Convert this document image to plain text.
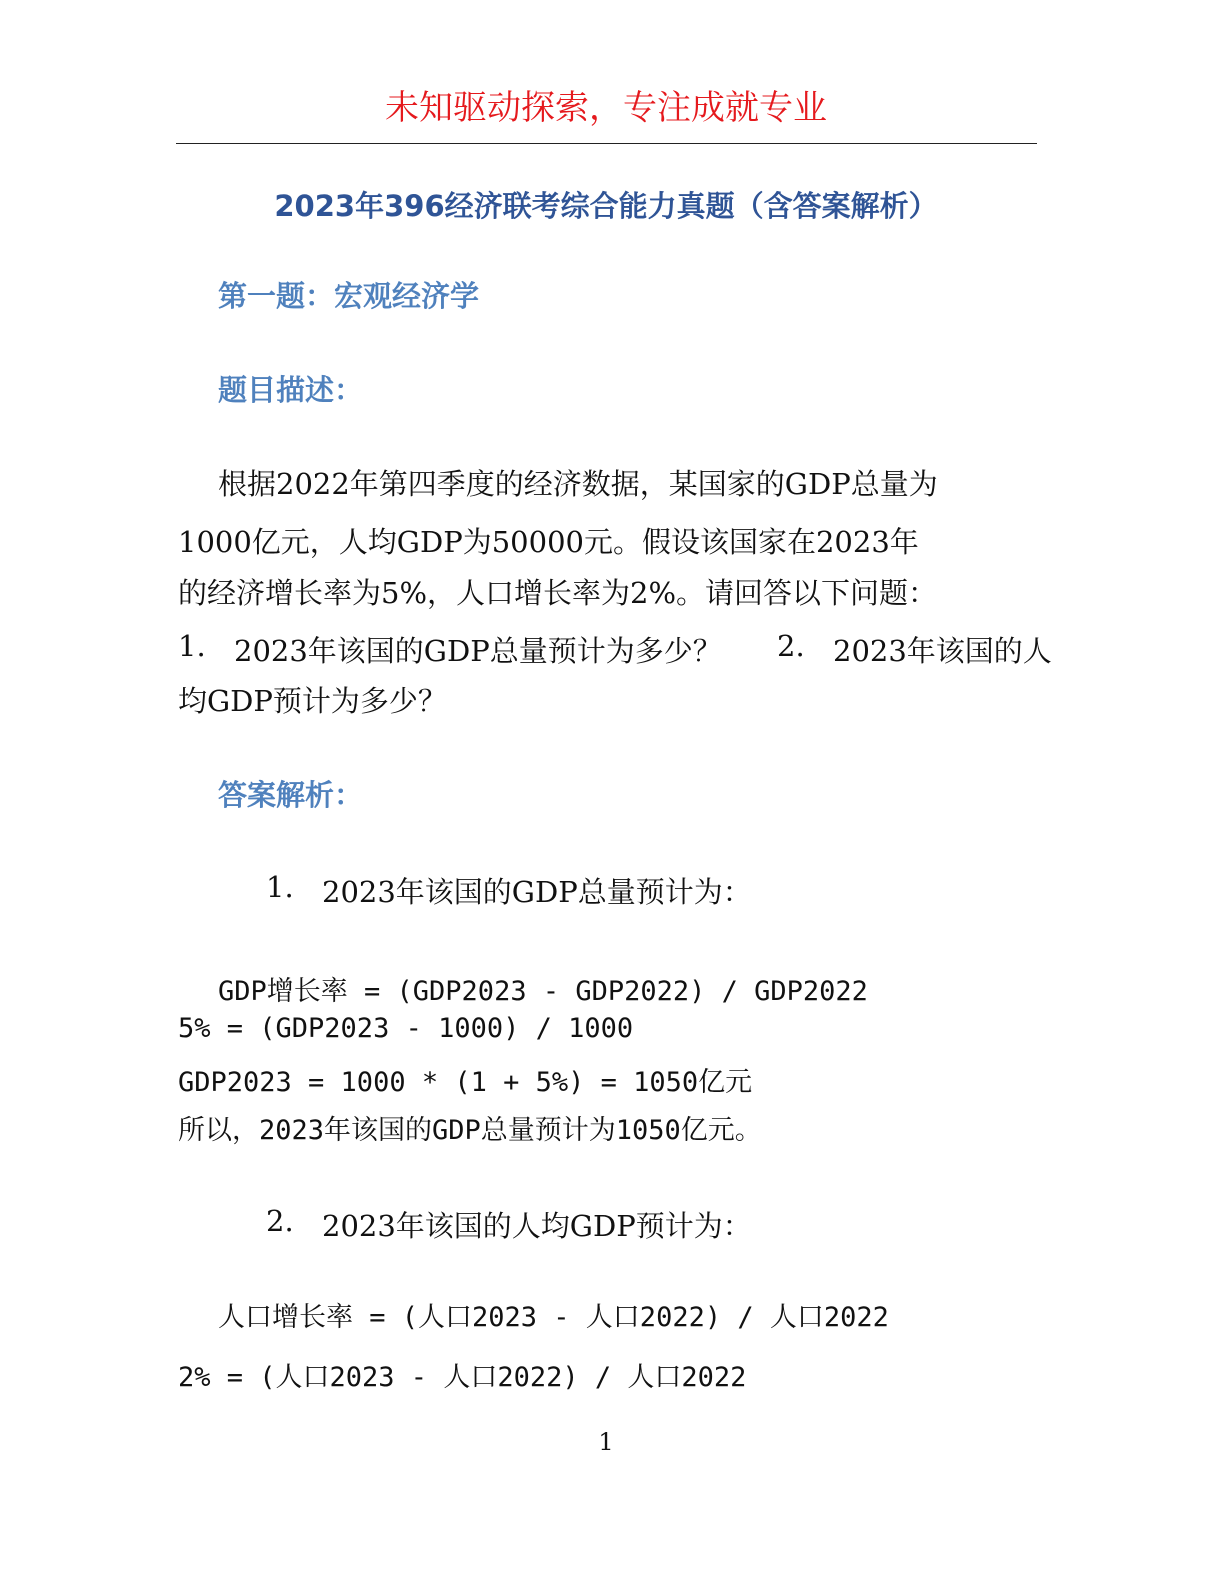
未知驱动探索，专注成就专业
2023年396经济联考综合能力真题（含答案解析）
第一题：宏观经济学
题目描述：
根据2022年第四季度的经济数据，某国家的GDP总量为
1000亿元，人均GDP为50000元。假设该国家在2023年
的经济增长率为5%，人口增长率为2%。请回答以下问题：
1. 2023年该国的GDP总量预计为多少？ 2. 2023年该国的人
均GDP预计为多少？
答案解析：
1. 2023年该国的GDP总量预计为：
GDP增长率 = (GDP2023 - GDP2022) / GDP2022
5% = (GDP2023 - 1000) / 1000
GDP2023 = 1000 * (1 + 5%) = 1050亿元
所以，2023年该国的GDP总量预计为1050亿元。
2. 2023年该国的人均GDP预计为：
人口增长率 = (人口2023 - 人口2022) / 人口2022
2% = (人口2023 - 人口2022) / 人口2022
1
